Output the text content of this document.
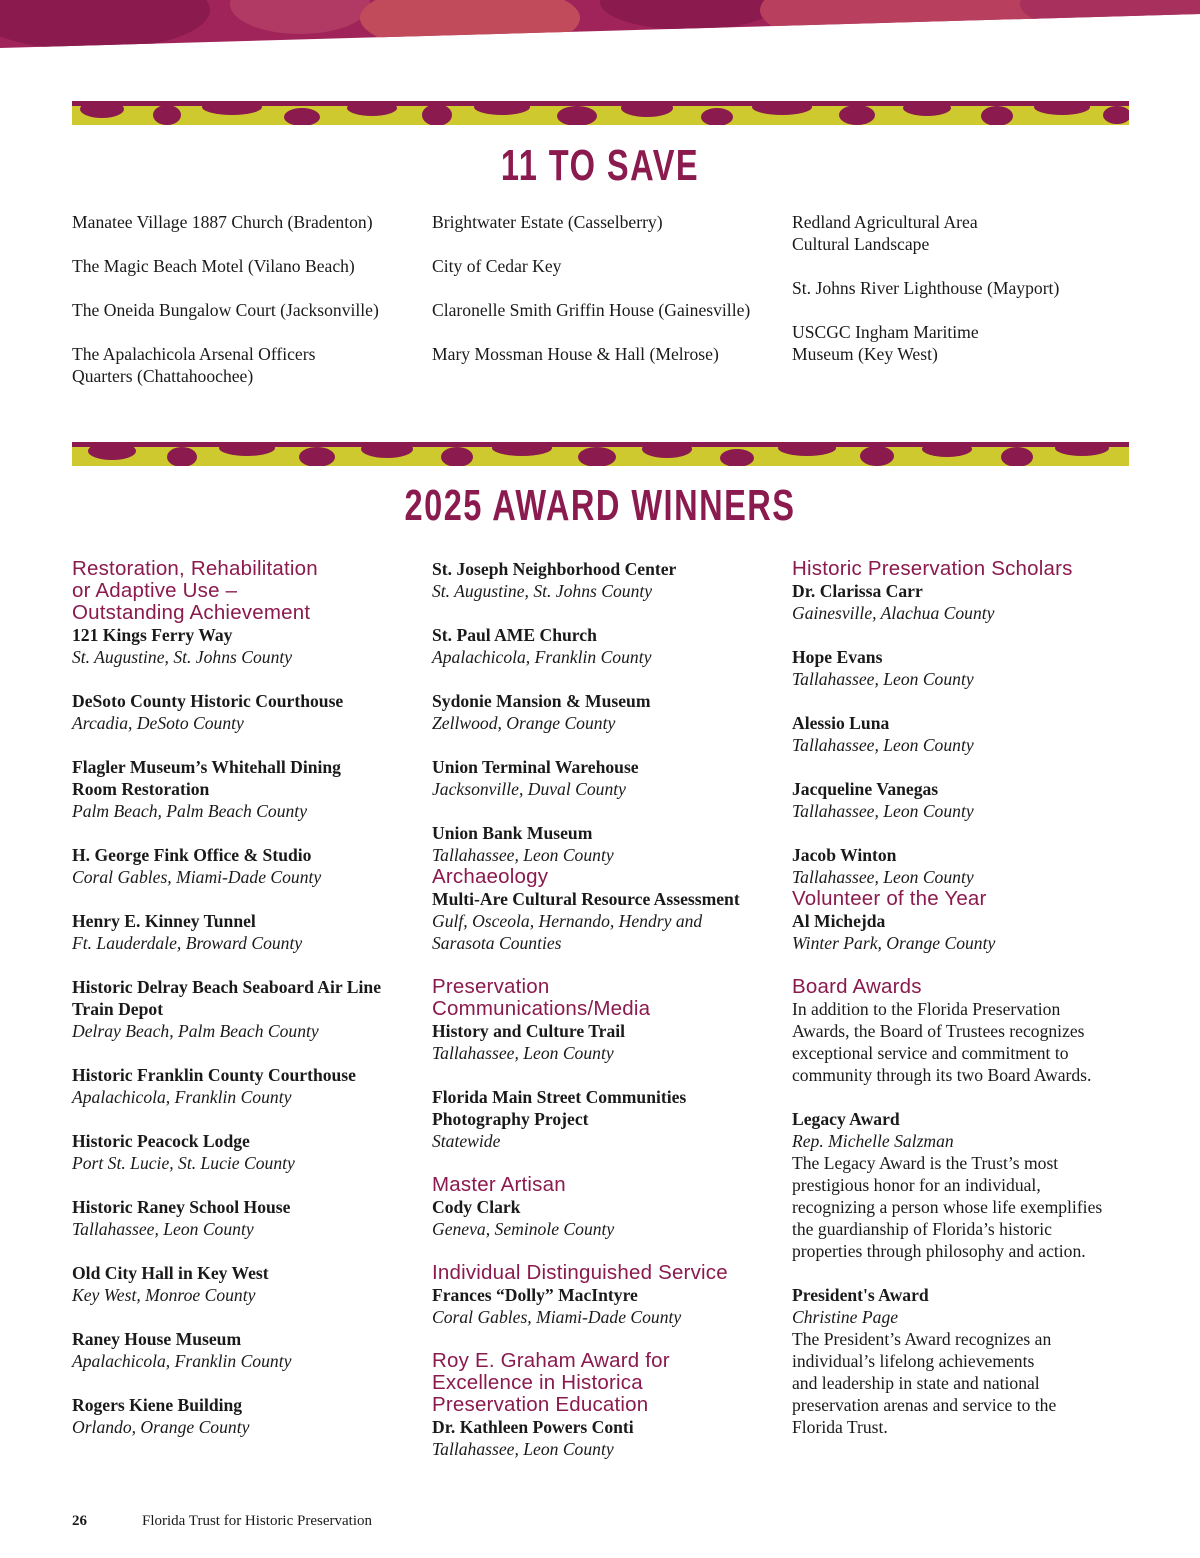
11 TO SAVE
Manatee Village 1887 Church (Bradenton)
The Magic Beach Motel (Vilano Beach)
The Oneida Bungalow Court (Jacksonville)
The Apalachicola Arsenal Officers
Quarters (Chattahoochee)
Brightwater Estate (Casselberry)
City of Cedar Key
Claronelle Smith Griffin House (Gainesville)
Mary Mossman House & Hall (Melrose)
Redland Agricultural Area
Cultural Landscape
St. Johns River Lighthouse (Mayport)
USCGC Ingham Maritime
Museum (Key West)
2025 AWARD WINNERS
Restoration, Rehabilitation
or Adaptive Use –
Outstanding Achievement
121 Kings Ferry Way
St. Augustine, St. Johns County
DeSoto County Historic Courthouse
Arcadia, DeSoto County
Flagler Museum’s Whitehall Dining
Room Restoration
Palm Beach, Palm Beach County
H. George Fink Office & Studio
Coral Gables, Miami-Dade County
Henry E. Kinney Tunnel
Ft. Lauderdale, Broward County
Historic Delray Beach Seaboard Air Line
Train Depot
Delray Beach, Palm Beach County
Historic Franklin County Courthouse
Apalachicola, Franklin County
Historic Peacock Lodge
Port St. Lucie, St. Lucie County
Historic Raney School House
Tallahassee, Leon County
Old City Hall in Key West
Key West, Monroe County
Raney House Museum
Apalachicola, Franklin County
Rogers Kiene Building
Orlando, Orange County
St. Joseph Neighborhood Center
St. Augustine, St. Johns County
St. Paul AME Church
Apalachicola, Franklin County
Sydonie Mansion & Museum
Zellwood, Orange County
Union Terminal Warehouse
Jacksonville, Duval County
Union Bank Museum
Tallahassee, Leon County
Archaeology
Multi-Are Cultural Resource Assessment
Gulf, Osceola, Hernando, Hendry and
Sarasota Counties
Preservation
Communications/Media
History and Culture Trail
Tallahassee, Leon County
Florida Main Street Communities
Photography Project
Statewide
Master Artisan
Cody Clark
Geneva, Seminole County
Individual Distinguished Service
Frances “Dolly” MacIntyre
Coral Gables, Miami-Dade County
Roy E. Graham Award for
Excellence in Historica
Preservation Education
Dr. Kathleen Powers Conti
Tallahassee, Leon County
Historic Preservation Scholars
Dr. Clarissa Carr
Gainesville, Alachua County
Hope Evans
Tallahassee, Leon County
Alessio Luna
Tallahassee, Leon County
Jacqueline Vanegas
Tallahassee, Leon County
Jacob Winton
Tallahassee, Leon County
Volunteer of the Year
Al Michejda
Winter Park, Orange County
Board Awards
In addition to the Florida Preservation
Awards, the Board of Trustees recognizes
exceptional service and commitment to
community through its two Board Awards.
Legacy Award
Rep. Michelle Salzman
The Legacy Award is the Trust’s most
prestigious honor for an individual,
recognizing a person whose life exemplifies
the guardianship of Florida’s historic
properties through philosophy and action.
President's Award
Christine Page
The President’s Award recognizes an
individual’s lifelong achievements
and leadership in state and national
preservation arenas and service to the
Florida Trust.
26	Florida Trust for Historic Preservation
